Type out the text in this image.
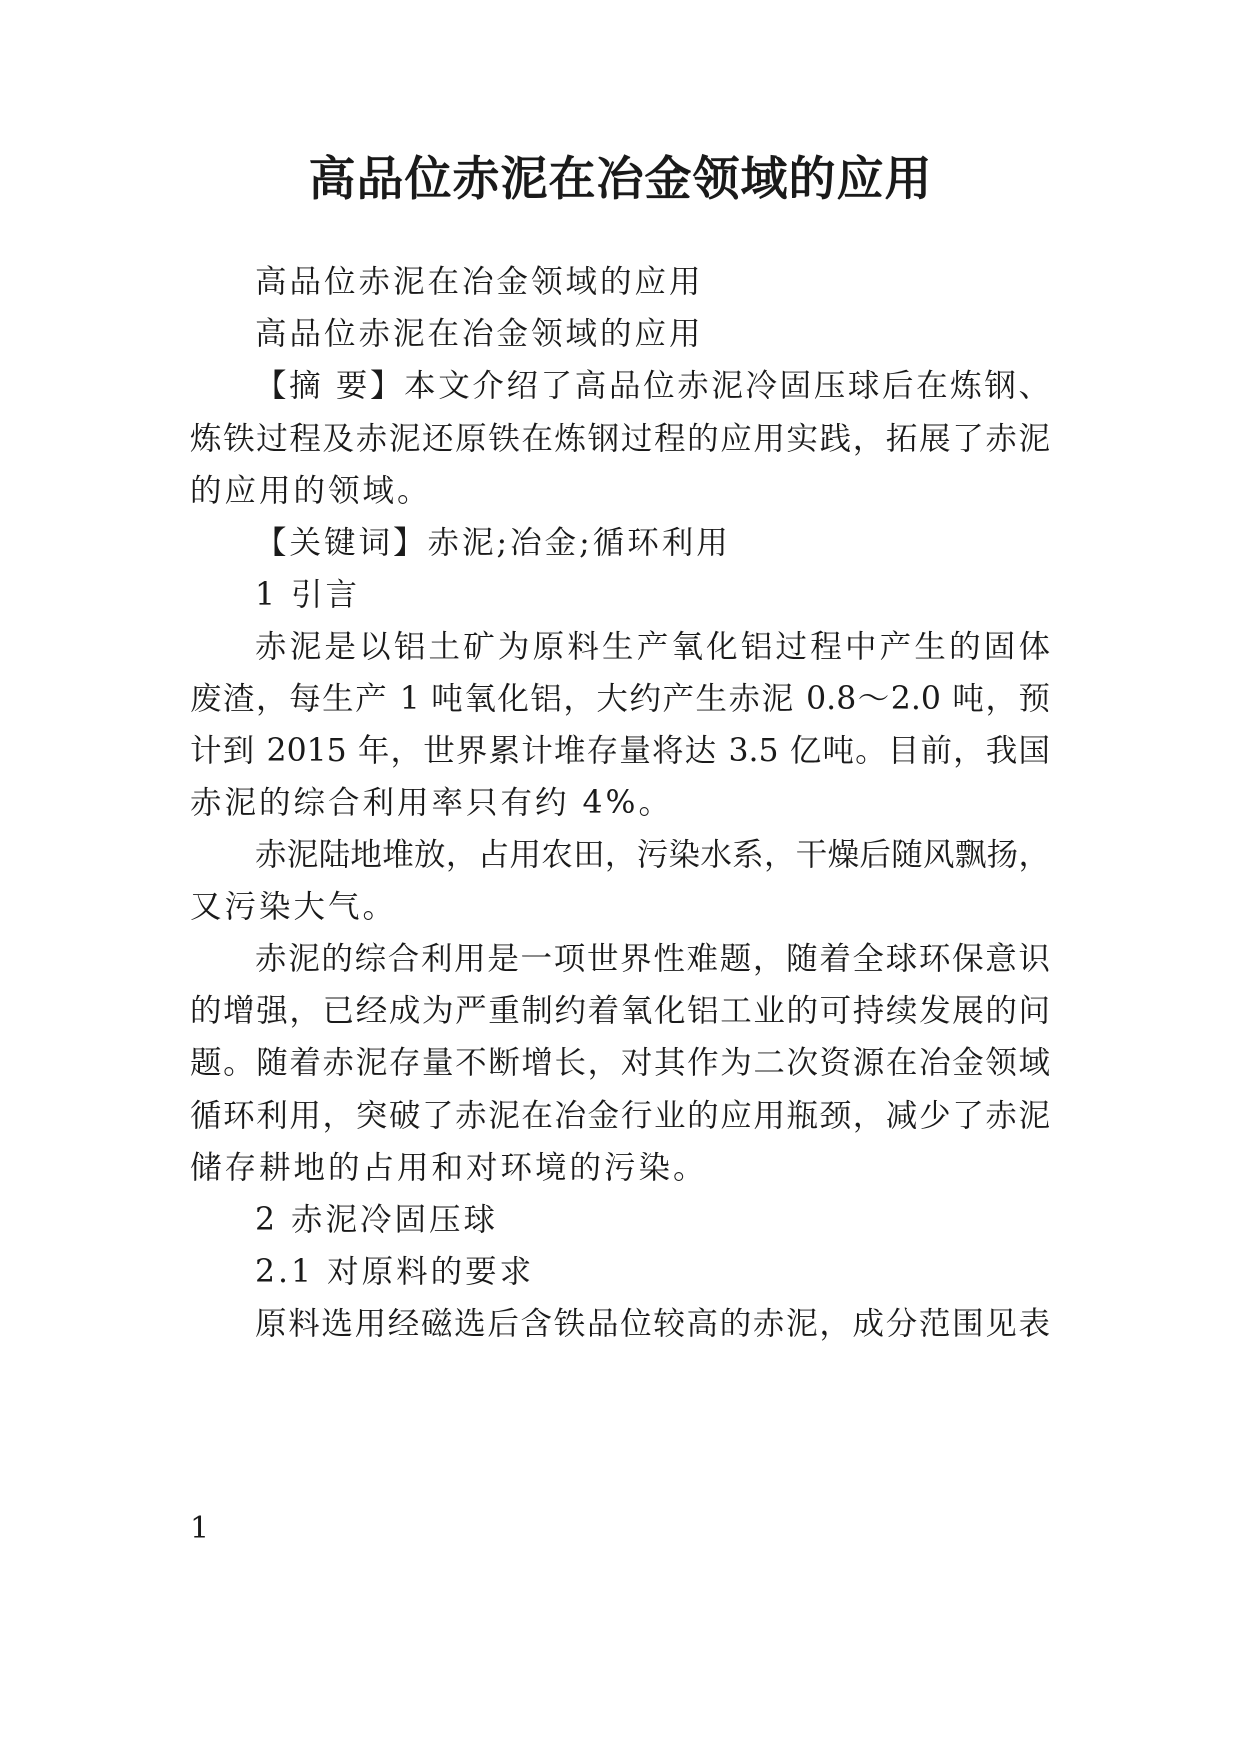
高品位赤泥在冶金领域的应用
高品位赤泥在冶金领域的应用
高品位赤泥在冶金领域的应用
【摘 要】本文介绍了高品位赤泥冷固压球后在炼钢、
炼铁过程及赤泥还原铁在炼钢过程的应用实践，拓展了赤泥
的应用的领域。
【关键词】赤泥;冶金;循环利用
1 引言
赤泥是以铝土矿为原料生产氧化铝过程中产生的固体
废渣，每生产 1 吨氧化铝，大约产生赤泥 0.8～2.0 吨，预
计到 2015 年，世界累计堆存量将达 3.5 亿吨。目前，我国
赤泥的综合利用率只有约 4%。
赤泥陆地堆放，占用农田，污染水系，干燥后随风飘扬，
又污染大气。
赤泥的综合利用是一项世界性难题，随着全球环保意识
的增强，已经成为严重制约着氧化铝工业的可持续发展的问
题。随着赤泥存量不断增长，对其作为二次资源在冶金领域
循环利用，突破了赤泥在冶金行业的应用瓶颈，减少了赤泥
储存耕地的占用和对环境的污染。
2 赤泥冷固压球
2.1 对原料的要求
原料选用经磁选后含铁品位较高的赤泥，成分范围见表
1
